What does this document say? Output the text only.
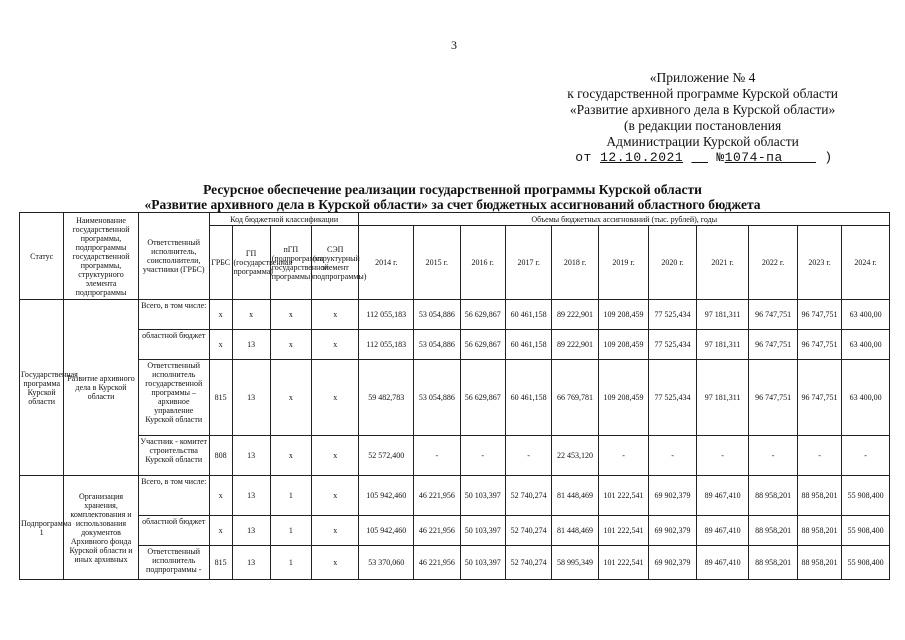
3
«Приложение № 4
к государственной программе Курской области
«Развитие архивного дела в Курской области»
(в редакции постановления
Администрации Курской области
от 12.10.2021	№1074-па	)
Ресурсное обеспечение реализации государственной программы Курской области
«Развитие архивного дела в Курской области» за счет бюджетных ассигнований областного бюджета
Статус	Наименование государственной программы, подпрограммы государственной программы, структурного элемента подпрограммы	Ответственный исполнитель, соисполнители, участники (ГРБС)	Код бюджетной классификации				Объемы бюджетных ассигнований (тыс. рублей), годы										
			ГРБС	ГП (государственная программа)	пГП (подпрограмма государственной программы)	СЭП (структурный элемент подпрограммы)	2014 г.	2015 г.	2016 г.	2017 г.	2018 г.	2019 г.	2020 г.	2021 г.	2022 г.	2023 г.	2024 г.
Государственная программа Курской области	Развитие архивного дела в Курской области	Всего, в том числе:	х	х	х	х	112 055,183	53 054,886	56 629,867	60 461,158	89 222,901	109 208,459	77 525,434	97 181,311	96 747,751	96 747,751	63 400,00
		областной бюджет	х	13	х	х	112 055,183	53 054,886	56 629,867	60 461,158	89 222,901	109 208,459	77 525,434	97 181,311	96 747,751	96 747,751	63 400,00
		Ответственный исполнитель государственной программы – архивное управление Курской области	815	13	х	х	59 482,783	53 054,886	56 629,867	60 461,158	66 769,781	109 208,459	77 525,434	97 181,311	96 747,751	96 747,751	63 400,00
		Участник - комитет строительства Курской области	808	13	х	х	52 572,400	-	-	-	22 453,120	-	-	-	-	-	-
Подпрограмма 1	Организация хранения, комплектования и использования документов Архивного фонда Курской области и иных архивных	Всего, в том числе:	х	13	1	х	105 942,460	46 221,956	50 103,397	52 740,274	81 448,469	101 222,541	69 902,379	89 467,410	88 958,201	88 958,201	55 908,400
		областной бюджет	х	13	1	х	105 942,460	46 221,956	50 103,397	52 740,274	81 448,469	101 222,541	69 902,379	89 467,410	88 958,201	88 958,201	55 908,400
		Ответственный исполнитель подпрограммы -	815	13	1	х	53 370,060	46 221,956	50 103,397	52 740,274	58 995,349	101 222,541	69 902,379	89 467,410	88 958,201	88 958,201	55 908,400
